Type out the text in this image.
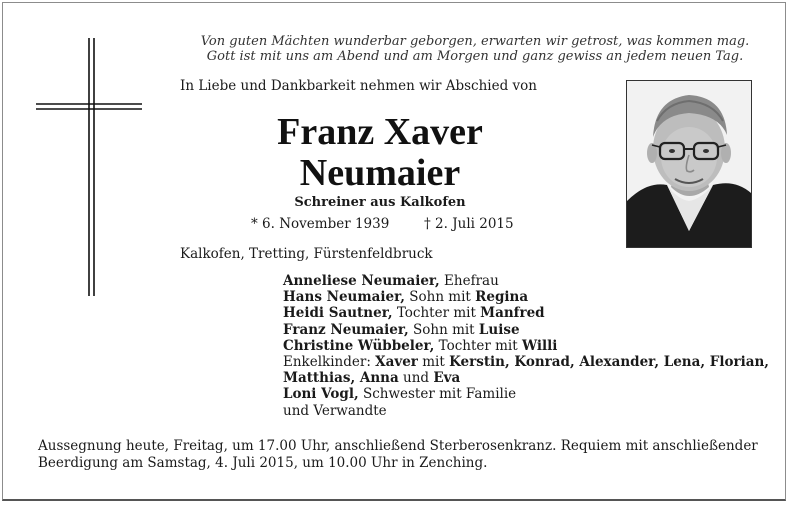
Von guten Mächten wunderbar geborgen, erwarten wir getrost, was kommen mag.
Gott ist mit uns am Abend und am Morgen und ganz gewiss an jedem neuen Tag.
In Liebe und Dankbarkeit nehmen wir Abschied von
Franz Xaver
Neumaier
Schreiner aus Kalkofen
* 6. November 1939	† 2. Juli 2015
Kalkofen, Tretting, Fürstenfeldbruck
Anneliese Neumaier, Ehefrau
Hans Neumaier, Sohn mit Regina
Heidi Sautner, Tochter mit Manfred
Franz Neumaier, Sohn mit Luise
Christine Wübbeler, Tochter mit Willi
Enkelkinder: Xaver mit Kerstin, Konrad, Alexander, Lena, Florian,
Matthias, Anna und Eva
Loni Vogl, Schwester mit Familie
und Verwandte
Aussegnung heute, Freitag, um 17.00 Uhr, anschließend Sterberosenkranz. Requiem mit anschließender
Beerdigung am Samstag, 4. Juli 2015, um 10.00 Uhr in Zenching.
